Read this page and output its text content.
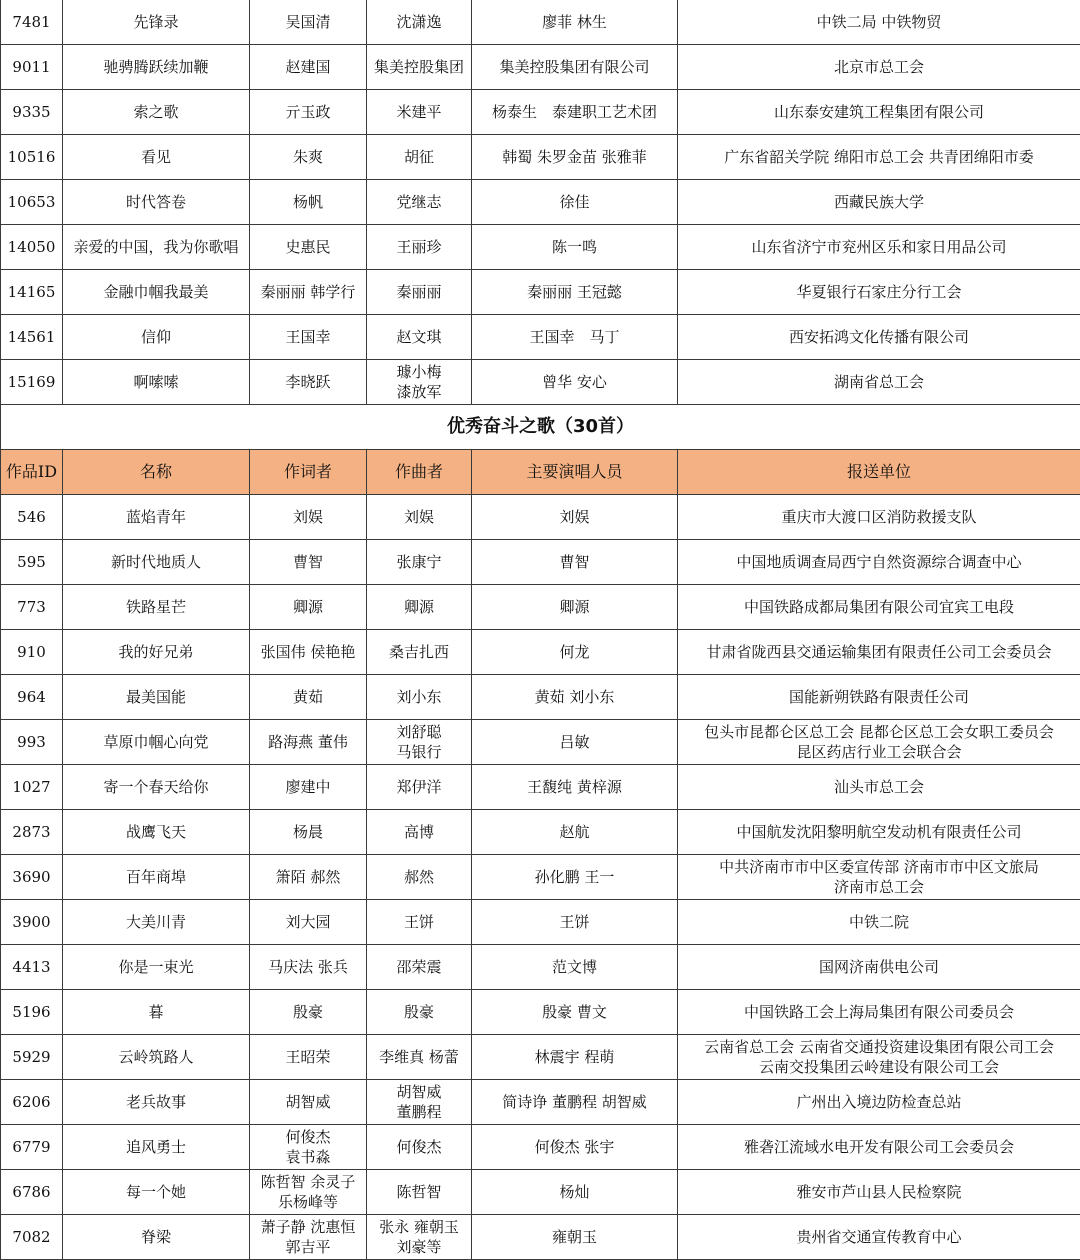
7481	先锋录	吴国清	沈潇逸	廖菲 林生	中铁二局 中铁物贸

9011	驰骋腾跃续加鞭	赵建国	集美控股集团	集美控股集团有限公司	北京市总工会

9335	索之歌	亓玉政	米建平	杨泰生　泰建职工艺术团	山东泰安建筑工程集团有限公司

10516	看见	朱爽	胡征	韩蜀 朱罗金苗 张雅菲	广东省韶关学院 绵阳市总工会 共青团绵阳市委

10653	时代答卷	杨帆	党继志	徐佳	西藏民族大学

14050	亲爱的中国，我为你歌唱	史惠民	王丽珍	陈一鸣	山东省济宁市兖州区乐和家日用品公司

14165	金融巾帼我最美	秦丽丽 韩学行	秦丽丽	秦丽丽 王冠懿	华夏银行石家庄分行工会

14561	信仰	王国幸	赵文琪	王国幸　马丁	西安拓鸿文化传播有限公司

15169	啊嗦嗦	李晓跃	璩小梅
漆放军	曾华 安心	湖南省总工会

优秀奋斗之歌（30首）					
作品ID	名称	作词者	作曲者	主要演唱人员	报送单位
546	蓝焰青年	刘娱	刘娱	刘娱	重庆市大渡口区消防救援支队

595	新时代地质人	曹智	张康宁	曹智	中国地质调查局西宁自然资源综合调查中心

773	铁路星芒	卿源	卿源	卿源	中国铁路成都局集团有限公司宜宾工电段

910	我的好兄弟	张国伟 侯艳艳	桑吉扎西	何龙	甘肃省陇西县交通运输集团有限责任公司工会委员会

964	最美国能	黄茹	刘小东	黄茹 刘小东	国能新朔铁路有限责任公司

993	草原巾帼心向党	路海燕 董伟	刘舒聪
马银行	吕敏	包头市昆都仑区总工会 昆都仑区总工会女职工委员会
昆区药店行业工会联合会

1027	寄一个春天给你	廖建中	郑伊洋	王馥纯 黄梓源	汕头市总工会

2873	战鹰飞天	杨晨	高博	赵航	中国航发沈阳黎明航空发动机有限责任公司

3690	百年商埠	箫陌 郝然	郝然	孙化鹏 王一	中共济南市市中区委宣传部 济南市市中区文旅局
济南市总工会

3900	大美川青	刘大园	王饼	王饼	中铁二院

4413	你是一束光	马庆法 张兵	邵荣震	范文博	国网济南供电公司

5196	暮	殷豪	殷豪	殷豪 曹文	中国铁路工会上海局集团有限公司委员会

5929	云岭筑路人	王昭荣	李维真 杨蕾	林震宇 程萌	云南省总工会 云南省交通投资建设集团有限公司工会
云南交投集团云岭建设有限公司工会

6206	老兵故事	胡智威	胡智威
董鹏程	简诗诤 董鹏程 胡智威	广州出入境边防检查总站

6779	追风勇士	何俊杰
袁书淼	何俊杰	何俊杰 张宇	雅砻江流域水电开发有限公司工会委员会

6786	每一个她	陈哲智 余灵子
乐杨峰等	陈哲智	杨灿	雅安市芦山县人民检察院

7082	脊梁	萧子静 沈惠恒
郭吉平	张永 雍朝玉
刘豪等	雍朝玉	贵州省交通宣传教育中心
